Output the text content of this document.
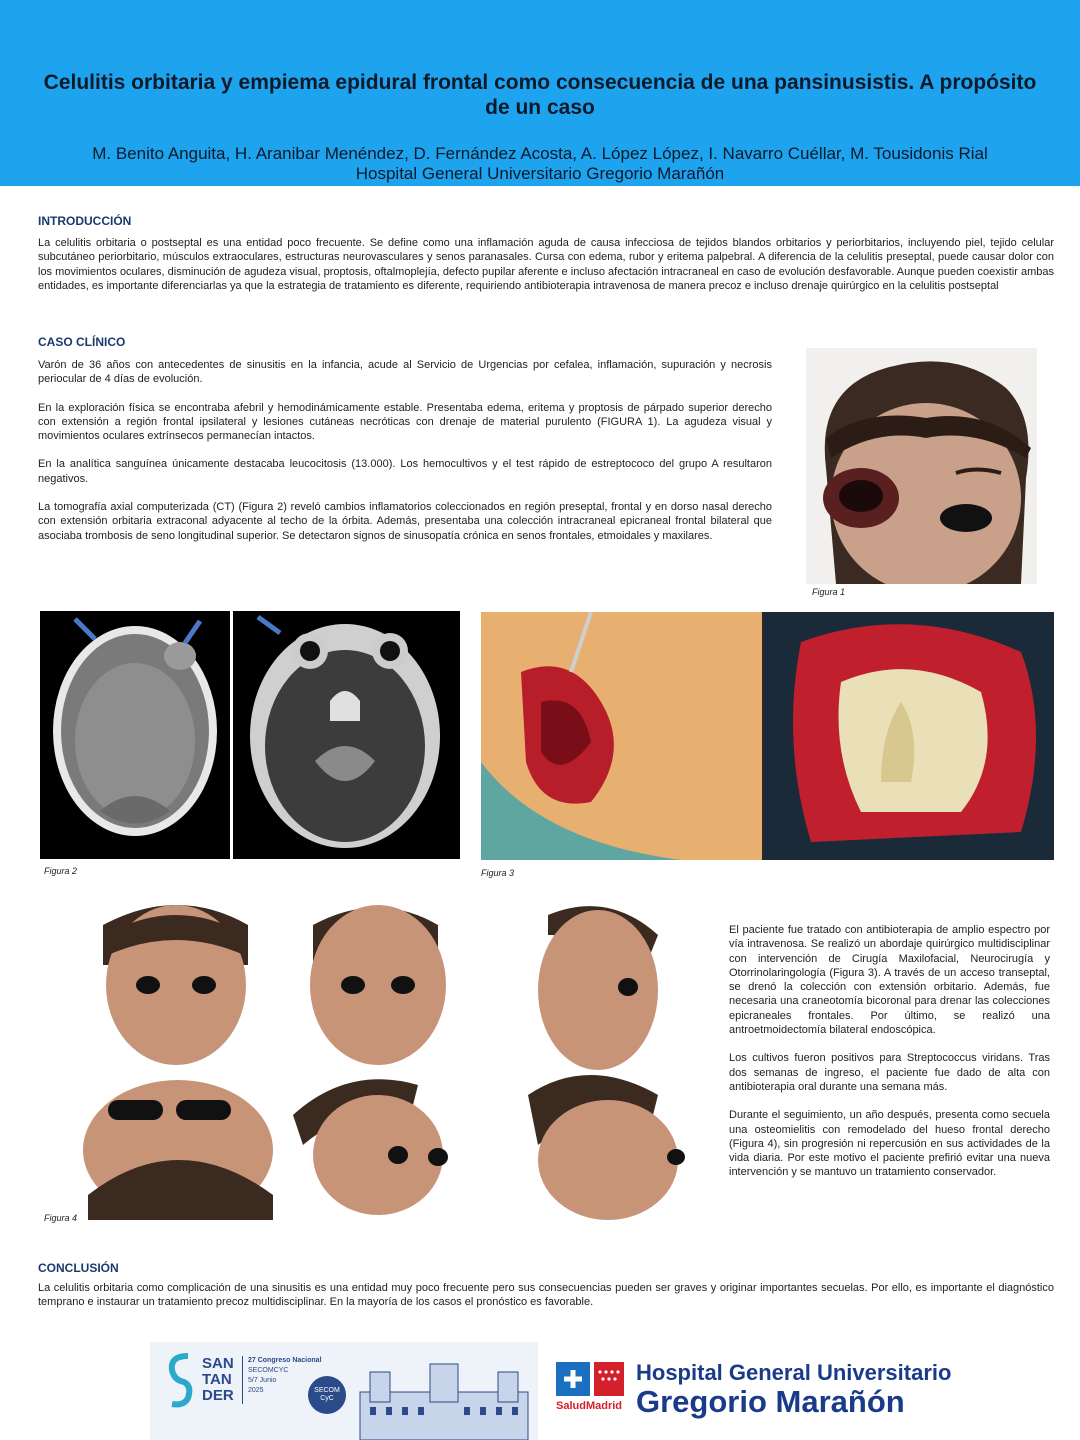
Celulitis orbitaria y empiema epidural frontal como consecuencia de una pansinusistis. A propósito de un caso
M. Benito Anguita, H. Aranibar Menéndez, D. Fernández Acosta, A. López López, I. Navarro Cuéllar, M. Tousidonis Rial
Hospital General Universitario Gregorio Marañón
INTRODUCCIÓN
La celulitis orbitaria o postseptal es una entidad poco frecuente. Se define como una inflamación aguda de causa infecciosa de tejidos blandos orbitarios y periorbitarios, incluyendo piel, tejido celular subcutáneo periorbitario, músculos extraoculares, estructuras neurovasculares y senos paranasales. Cursa con edema, rubor y eritema palpebral. A diferencia de la celulitis preseptal, puede causar dolor con los movimientos oculares, disminución de agudeza visual, proptosis, oftalmoplejía, defecto pupilar aferente e incluso afectación intracraneal en caso de evolución desfavorable. Aunque pueden coexistir ambas entidades, es importante diferenciarlas ya que la estrategia de tratamiento es diferente, requiriendo antibioterapia intravenosa de manera precoz e incluso drenaje quirúrgico en la celulitis postseptal
CASO CLÍNICO

Varón de 36 años con antecedentes de sinusitis en la infancia, acude al Servicio de Urgencias por cefalea, inflamación, supuración y necrosis periocular de 4 días de evolución.

En la exploración física se encontraba afebril y hemodinámicamente estable. Presentaba edema, eritema y proptosis de párpado superior derecho con extensión a región frontal ipsilateral y lesiones cutáneas necróticas con drenaje de material purulento (FIGURA 1). La agudeza visual y movimientos oculares extrínsecos permanecían intactos.

En la analítica sanguínea únicamente destacaba leucocitosis (13.000). Los hemocultivos y el test rápido de estreptococo del grupo A resultaron negativos.

La tomografía axial computerizada (CT) (Figura 2) reveló cambios inflamatorios coleccionados en región preseptal, frontal y en dorso nasal derecho con extensión orbitaria extraconal adyacente al techo de la órbita. Además, presentaba una colección intracraneal epicraneal frontal bilateral que asociaba trombosis de seno longitudinal superior. Se detectaron signos de sinusopatía crónica en senos frontales, etmoidales y maxilares.

Figura 1
Figura 2	Figura 3
Figura 4

El paciente fue tratado con antibioterapia de amplio espectro por vía intravenosa. Se realizó un abordaje quirúrgico multidisciplinar con intervención de Cirugía Maxilofacial, Neurocirugía y Otorrinolaringología (Figura 3). A través de un acceso transeptal, se drenó la colección con extensión orbitario. Además, fue necesaria una craneotomía bicoronal para drenar las colecciones epicraneales frontales. Por último, se realizó una antroetmoidectomía bilateral endoscópica.

Los cultivos fueron positivos para Streptococcus viridans. Tras dos semanas de ingreso, el paciente fue dado de alta con antibioterapia oral durante una semana más.

Durante el seguimiento, un año después, presenta como secuela una osteomielitis con remodelado del hueso frontal derecho (Figura 4), sin progresión ni repercusión en sus actividades de la vida diaria. Por este motivo el paciente prefirió evitar una nueva intervención y se mantuvo un tratamiento conservador.

CONCLUSIÓN
La celulitis orbitaria como complicación de una sinusitis es una entidad muy poco frecuente pero sus consecuencias pueden ser graves y originar importantes secuelas. Por ello, es importante el diagnóstico temprano e instaurar un tratamiento precoz multidisciplinar. En la mayoría de los casos el pronóstico es favorable.
SAN
TAN
DER
27 Congreso Nacional
SECOMCYC
5/7 Junio
2025	SECOM CyC
SaludMadrid
Hospital General Universitario
Gregorio Marañón
